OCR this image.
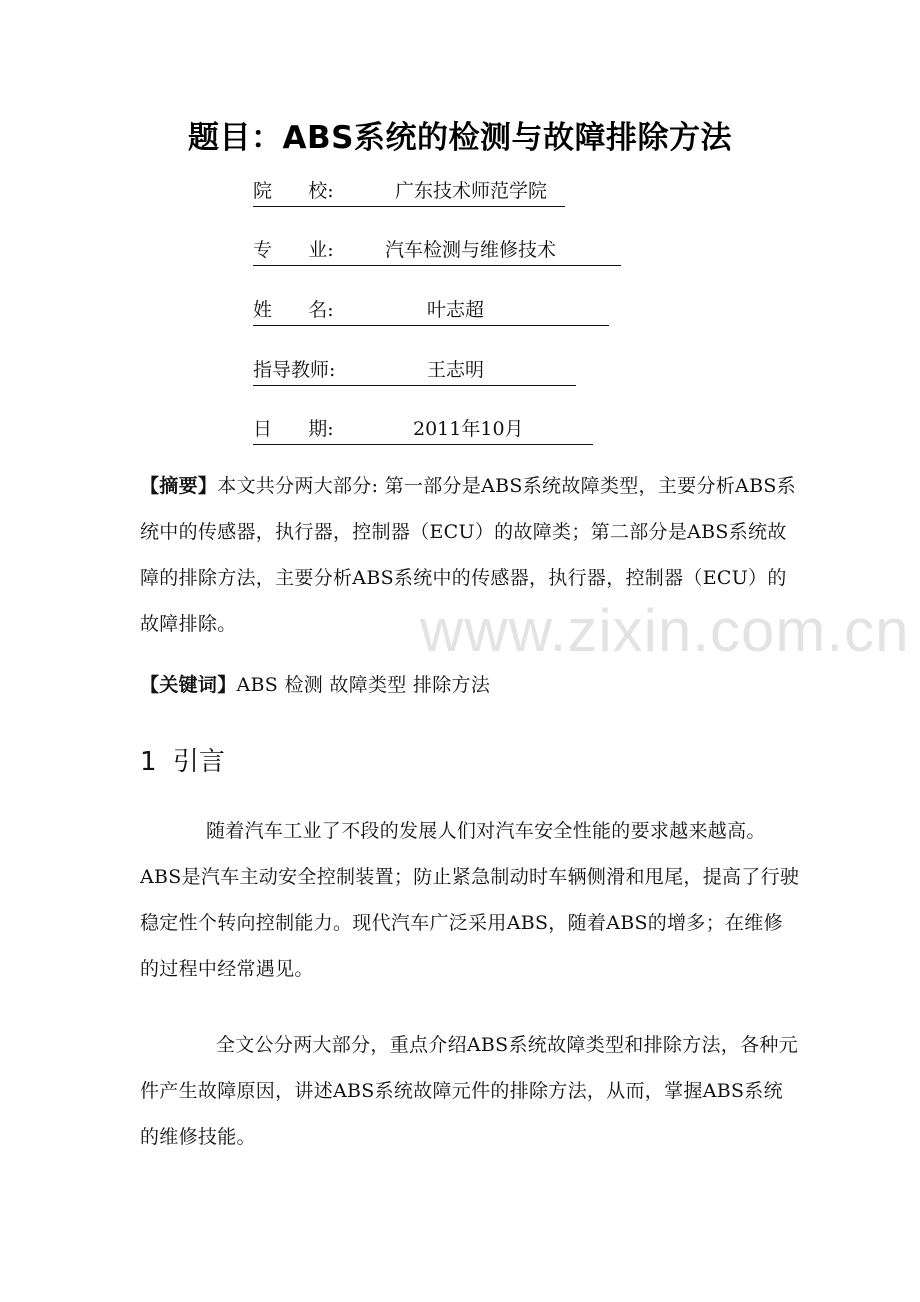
题目：ABS系统的检测与故障排除方法
院      校:	广东技术师范学院
专      业:	汽车检测与维修技术
姓      名:	叶志超
指导教师:	王志明
日      期:	2011年10月

【摘要】本文共分两大部分: 第一部分是ABS系统故障类型，主要分析ABS系统中的传感器，执行器，控制器（ECU）的故障类；第二部分是ABS系统故障的排除方法，主要分析ABS系统中的传感器，执行器，控制器（ECU）的故障排除。

【关键词】ABS 检测 故障类型 排除方法

1 引言

随着汽车工业了不段的发展人们对汽车安全性能的要求越来越高。ABS是汽车主动安全控制装置；防止紧急制动时车辆侧滑和甩尾，提高了行驶稳定性个转向控制能力。现代汽车广泛采用ABS，随着ABS的增多；在维修的过程中经常遇见。

全文公分两大部分，重点介绍ABS系统故障类型和排除方法，各种元件产生故障原因，讲述ABS系统故障元件的排除方法，从而，掌握ABS系统的维修技能。

www.zixin.com.cn
